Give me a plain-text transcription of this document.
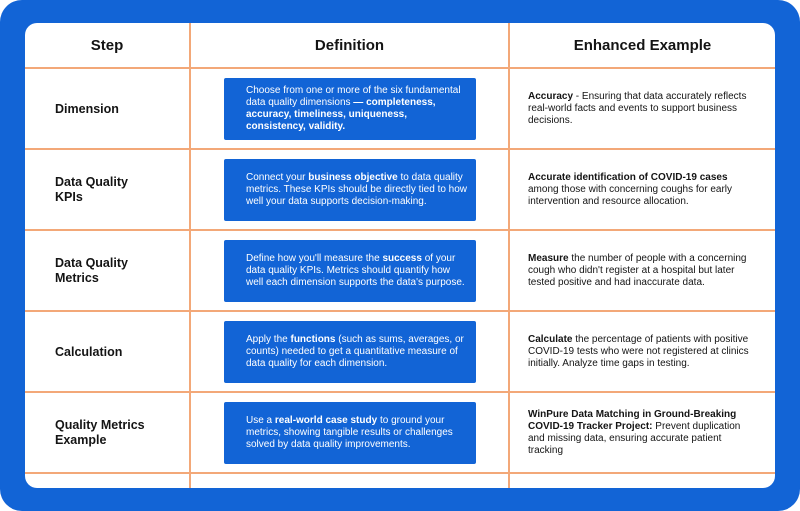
Step	Definition	Enhanced Example
Dimension
Choose from one or more of the six fundamental data quality dimensions — completeness, accuracy, timeliness, uniqueness, consistency, validity.
Accuracy - Ensuring that data accurately reflects real-world facts and events to support business decisions.
Data Quality KPIs
Connect your business objective to data quality metrics. These KPIs should be directly tied to how well your data supports decision-making.
Accurate identification of COVID-19 cases among those with concerning coughs for early intervention and resource allocation.
Data Quality Metrics
Define how you'll measure the success of your data quality KPIs. Metrics should quantify how well each dimension supports the data's purpose.
Measure the number of people with a concerning cough who didn't register at a hospital but later tested positive and had inaccurate data.
Calculation
Apply the functions (such as sums, averages, or counts) needed to get a quantitative measure of data quality for each dimension.
Calculate the percentage of patients with positive COVID-19 tests who were not registered at clinics initially. Analyze time gaps in testing.
Quality Metrics Example
Use a real-world case study to ground your metrics, showing tangible results or challenges solved by data quality improvements.
WinPure Data Matching in Ground-Breaking COVID-19 Tracker Project: Prevent duplication and missing data, ensuring accurate patient tracking
